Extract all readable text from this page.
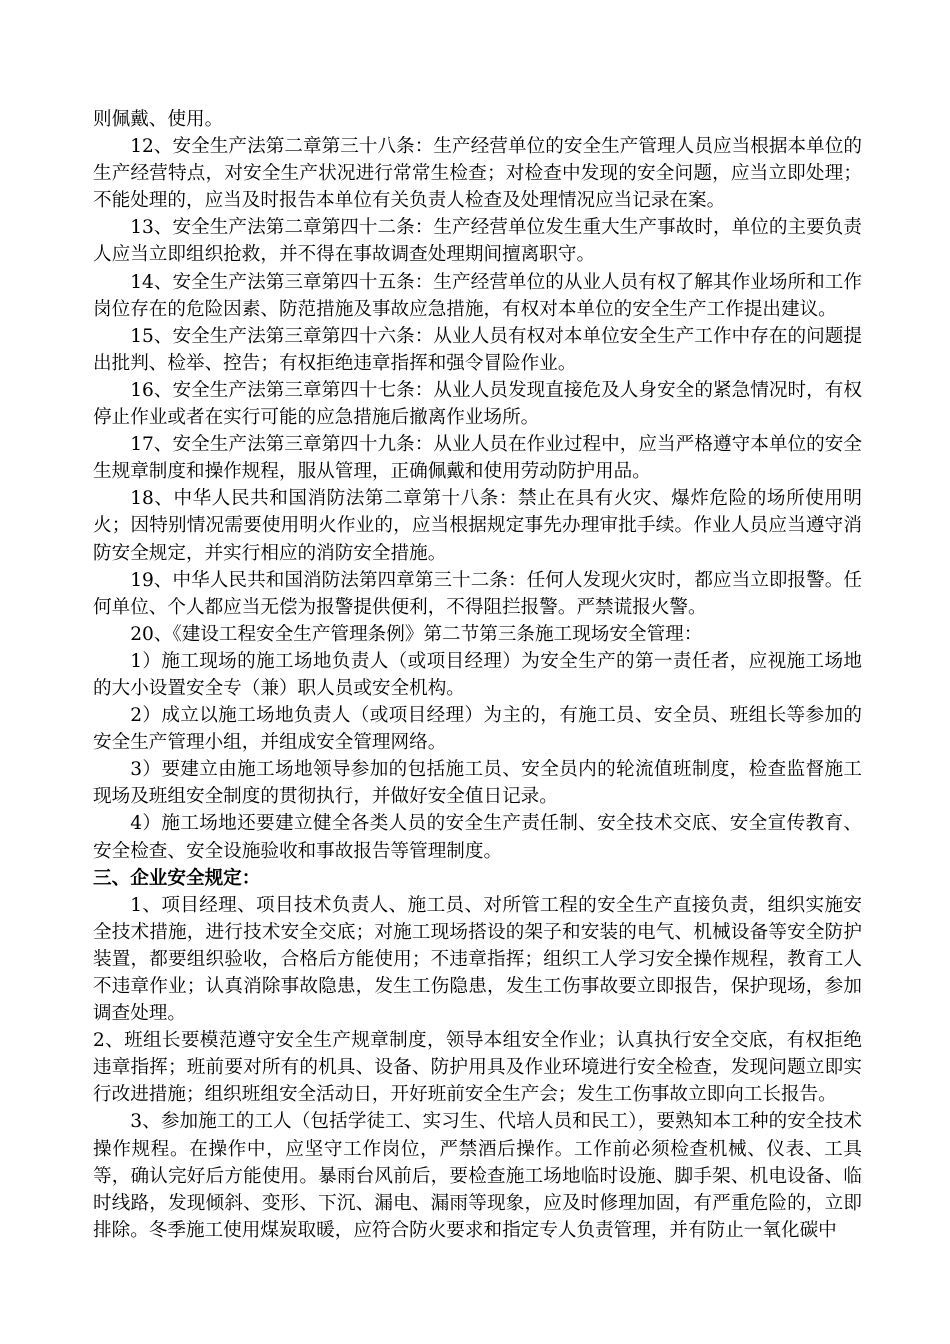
则佩戴、使用。

12、安全生产法第二章第三十八条：生产经营单位的安全生产管理人员应当根据本单位的生产经营特点，对安全生产状况进行常常生检查；对检查中发现的安全问题，应当立即处理；不能处理的，应当及时报告本单位有关负责人检查及处理情况应当记录在案。

13、安全生产法第二章第四十二条：生产经营单位发生重大生产事故时，单位的主要负责人应当立即组织抢救，并不得在事故调查处理期间擅离职守。

14、安全生产法第三章第四十五条：生产经营单位的从业人员有权了解其作业场所和工作岗位存在的危险因素、防范措施及事故应急措施，有权对本单位的安全生产工作提出建议。

15、安全生产法第三章第四十六条：从业人员有权对本单位安全生产工作中存在的问题提出批判、检举、控告；有权拒绝违章指挥和强令冒险作业。

16、安全生产法第三章第四十七条：从业人员发现直接危及人身安全的紧急情况时，有权停止作业或者在实行可能的应急措施后撤离作业场所。

17、安全生产法第三章第四十九条：从业人员在作业过程中，应当严格遵守本单位的安全生规章制度和操作规程，服从管理，正确佩戴和使用劳动防护用品。

18、中华人民共和国消防法第二章第十八条：禁止在具有火灾、爆炸危险的场所使用明火；因特别情况需要使用明火作业的，应当根据规定事先办理审批手续。作业人员应当遵守消防安全规定，并实行相应的消防安全措施。

19、中华人民共和国消防法第四章第三十二条：任何人发现火灾时，都应当立即报警。任何单位、个人都应当无偿为报警提供便利，不得阻拦报警。严禁谎报火警。

20、《建设工程安全生产管理条例》第二节第三条施工现场安全管理：

1）施工现场的施工场地负责人（或项目经理）为安全生产的第一责任者，应视施工场地的大小设置安全专（兼）职人员或安全机构。

2）成立以施工场地负责人（或项目经理）为主的，有施工员、安全员、班组长等参加的安全生产管理小组，并组成安全管理网络。

3）要建立由施工场地领导参加的包括施工员、安全员内的轮流值班制度，检查监督施工现场及班组安全制度的贯彻执行，并做好安全值日记录。

4）施工场地还要建立健全各类人员的安全生产责任制、安全技术交底、安全宣传教育、安全检查、安全设施验收和事故报告等管理制度。

三、企业安全规定：

1、项目经理、项目技术负责人、施工员、对所管工程的安全生产直接负责，组织实施安全技术措施，进行技术安全交底；对施工现场搭设的架子和安装的电气、机械设备等安全防护装置，都要组织验收，合格后方能使用；不违章指挥；组织工人学习安全操作规程，教育工人不违章作业；认真消除事故隐患，发生工伤隐患，发生工伤事故要立即报告，保护现场，参加调查处理。

2、班组长要模范遵守安全生产规章制度，领导本组安全作业；认真执行安全交底，有权拒绝违章指挥；班前要对所有的机具、设备、防护用具及作业环境进行安全检查，发现问题立即实行改进措施；组织班组安全活动日，开好班前安全生产会；发生工伤事故立即向工长报告。

3、参加施工的工人（包括学徒工、实习生、代培人员和民工），要熟知本工种的安全技术操作规程。在操作中，应坚守工作岗位，严禁酒后操作。工作前必须检查机械、仪表、工具等，确认完好后方能使用。暴雨台风前后，要检查施工场地临时设施、脚手架、机电设备、临时线路，发现倾斜、变形、下沉、漏电、漏雨等现象，应及时修理加固，有严重危险的，立即排除。冬季施工使用煤炭取暖，应符合防火要求和指定专人负责管理，并有防止一氧化碳中
